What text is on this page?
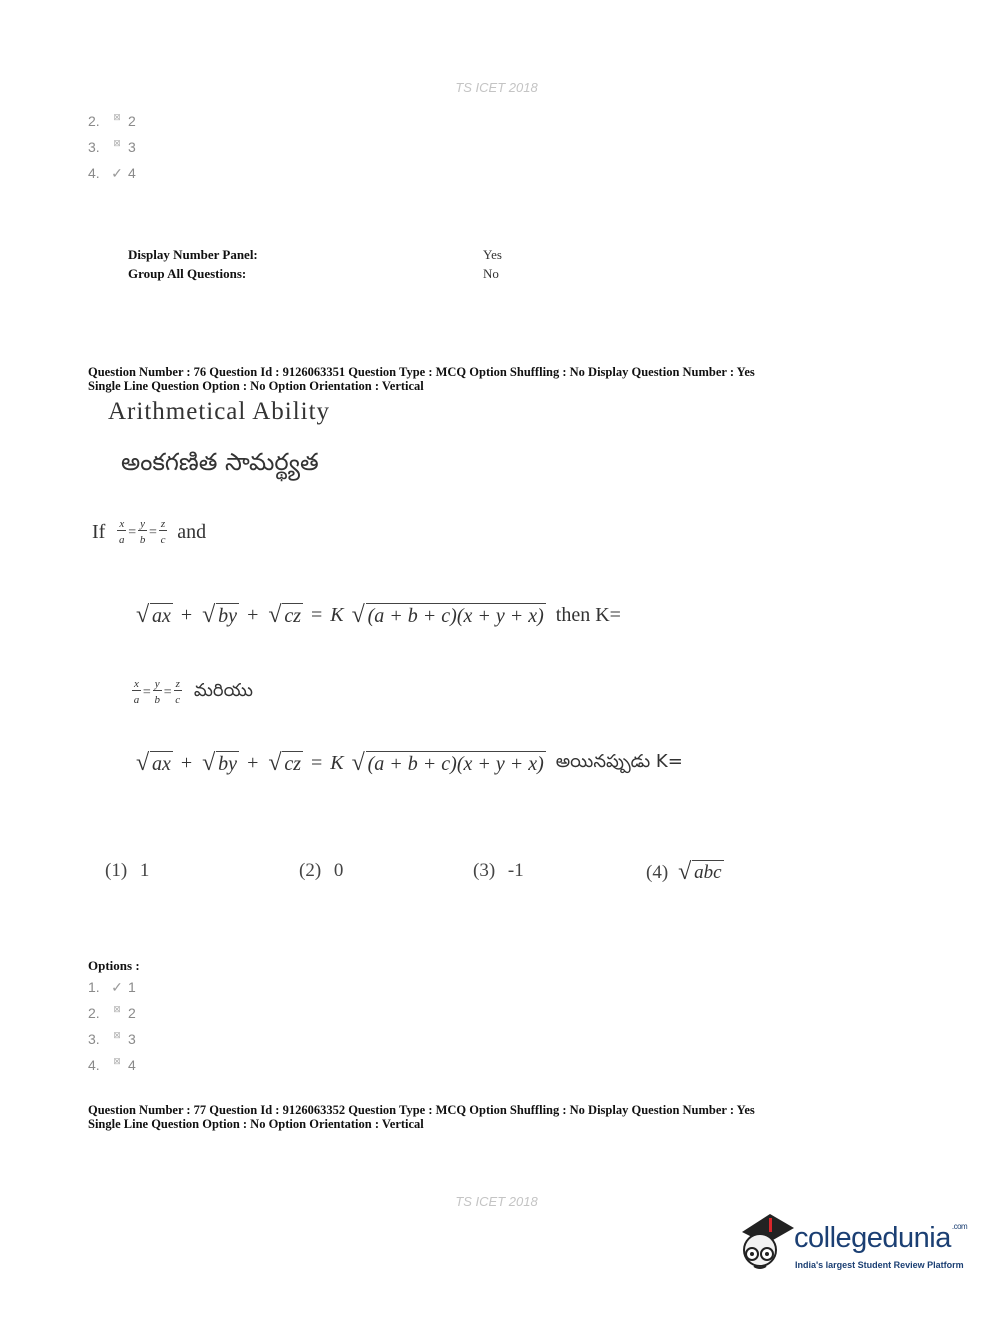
TS ICET 2018
2.	⊠ 2
3.	⊠ 3
4. ✓ 4
Display Number Panel:	Yes
Group All Questions:	No
Question Number : 76 Question Id : 9126063351 Question Type : MCQ Option Shuffling : No Display Question Number : Yes
Single Line Question Option : No Option Orientation : Vertical
Arithmetical Ability
అంకగణిత సామర్థ్యత
If $\frac{x}{a} = \frac{y}{b} = \frac{z}{c}$ and
√ ax + √ by + √ cz = K √ (a + b + c)(x + y + x) then K=
$\frac{x}{a} = \frac{y}{b} = \frac{z}{c}$ మరియు
√ ax + √ by + √ cz = K √ (a + b + c)(x + y + x) అయినప్పుడు K=
(1) 1	(2) 0	(3) -1	(4) √ abc
Options :
1. ✓ 1
2.	⊠ 2
3.	⊠ 3
4.	⊠ 4
Question Number : 77 Question Id : 9126063352 Question Type : MCQ Option Shuffling : No Display Question Number : Yes
Single Line Question Option : No Option Orientation : Vertical
TS ICET 2018
collegedunia$^{.com}$
India's largest Student Review Platform
